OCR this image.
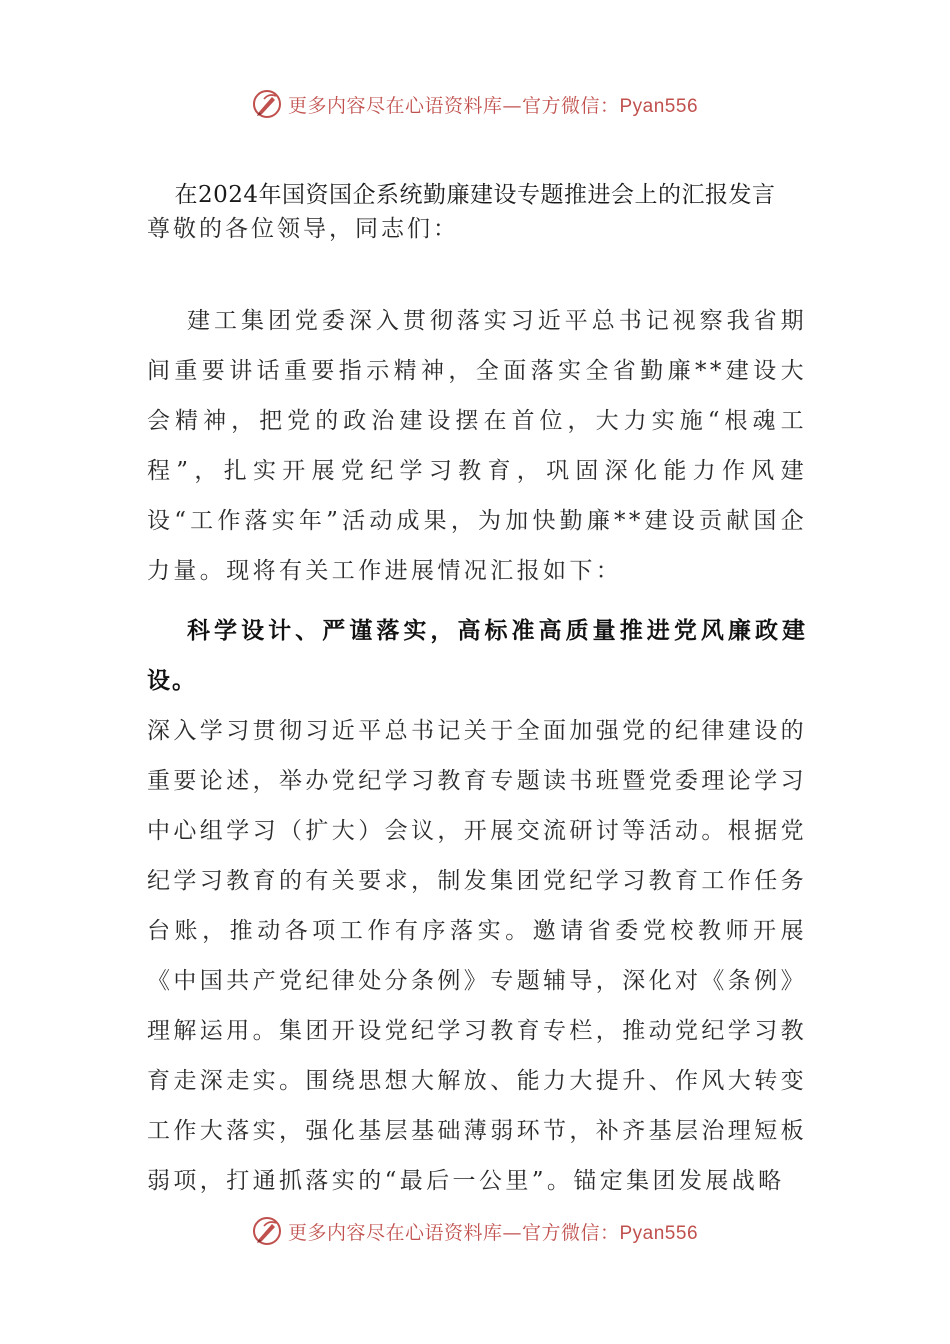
更多内容尽在心语资料库—官方微信：Pyan556
在2024年国资国企系统勤廉建设专题推进会上的汇报发言
尊敬的各位领导，同志们：
建工集团党委深入贯彻落实习近平总书记视察我省期间重要讲话重要指示精神，全面落实全省勤廉**建设大会精神，把党的政治建设摆在首位，大力实施“根魂工程”，扎实开展党纪学习教育，巩固深化能力作风建设“工作落实年”活动成果，为加快勤廉**建设贡献国企力量。现将有关工作进展情况汇报如下：
科学设计、严谨落实，高标准高质量推进党风廉政建设。
深入学习贯彻习近平总书记关于全面加强党的纪律建设的重要论述，举办党纪学习教育专题读书班暨党委理论学习中心组学习（扩大）会议，开展交流研讨等活动。根据党纪学习教育的有关要求，制发集团党纪学习教育工作任务台账，推动各项工作有序落实。邀请省委党校教师开展《中国共产党纪律处分条例》专题辅导，深化对《条例》理解运用。集团开设党纪学习教育专栏，推动党纪学习教育走深走实。围绕思想大解放、能力大提升、作风大转变工作大落实，强化基层基础薄弱环节，补齐基层治理短板弱项，打通抓落实的“最后一公里”。锚定集团发展战略
更多内容尽在心语资料库—官方微信：Pyan556
